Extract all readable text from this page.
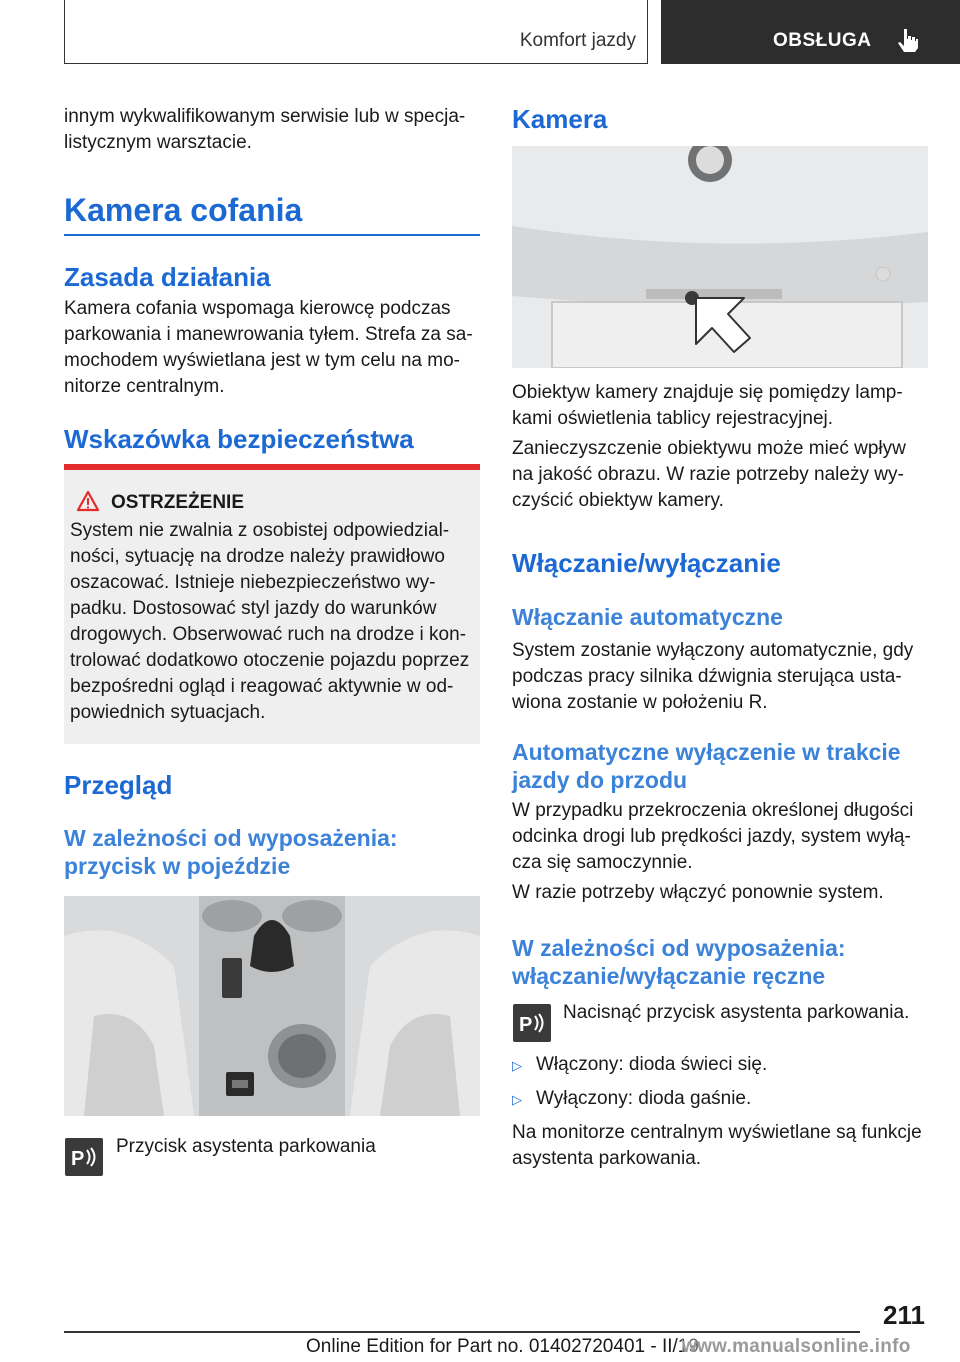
Komfort jazdy	OBSŁUGA
innym wykwalifikowanym serwisie lub w specja‐
listycznym warsztacie.
Kamera cofania
Zasada działania
Kamera cofania wspomaga kierowcę podczas
parkowania i manewrowania tyłem. Strefa za sa‐
mochodem wyświetlana jest w tym celu na mo‐
nitorze centralnym.
Wskazówka bezpieczeństwa
OSTRZEŻENIE
System nie zwalnia z osobistej odpowiedzial‐
ności, sytuację na drodze należy prawidłowo
oszacować. Istnieje niebezpieczeństwo wy‐
padku. Dostosować styl jazdy do warunków
drogowych. Obserwować ruch na drodze i kon‐
trolować dodatkowo otoczenie pojazdu poprzez
bezpośredni ogląd i reagować aktywnie w od‐
powiednich sytuacjach.
Przegląd
W zależności od wyposażenia:
przycisk w pojeździe
P
Przycisk asystenta parkowania
Kamera
Obiektyw kamery znajduje się pomiędzy lamp‐
kami oświetlenia tablicy rejestracyjnej.
Zanieczyszczenie obiektywu może mieć wpływ
na jakość obrazu. W razie potrzeby należy wy‐
czyścić obiektyw kamery.
Włączanie/wyłączanie
Włączanie automatyczne
System zostanie wyłączony automatycznie, gdy
podczas pracy silnika dźwignia sterująca usta‐
wiona zostanie w położeniu R.
Automatyczne wyłączenie w trakcie
jazdy do przodu
W przypadku przekroczenia określonej długości
odcinka drogi lub prędkości jazdy, system wyłą‐
cza się samoczynnie.
W razie potrzeby włączyć ponownie system.
W zależności od wyposażenia:
włączanie/wyłączanie ręczne
P
Nacisnąć przycisk asystenta parkowania.
▷ Włączony: dioda świeci się.
▷ Wyłączony: dioda gaśnie.
Na monitorze centralnym wyświetlane są funkcje
asystenta parkowania.
211
Online Edition for Part no. 01402720401 - II/19
www.manualsonline.info
